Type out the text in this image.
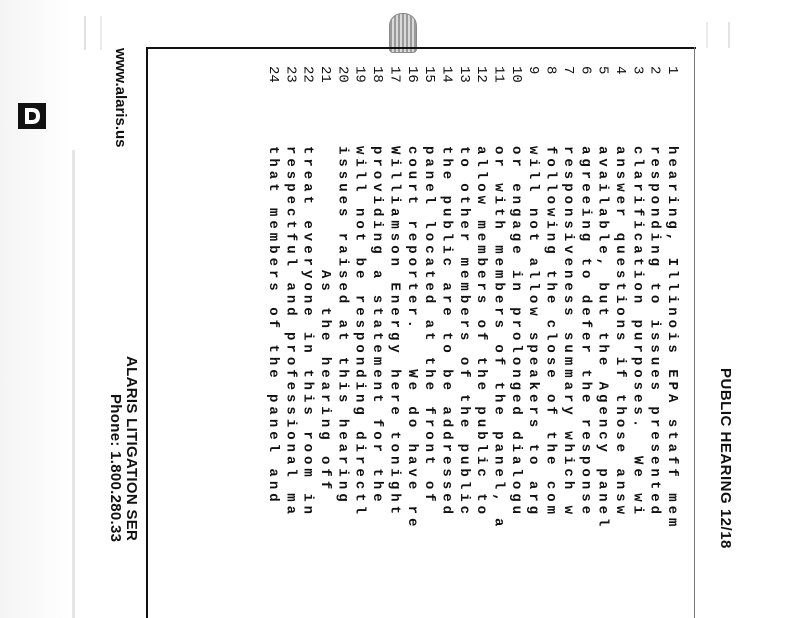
PUBLIC HEARING 12/18
1
hearing, Illinois EPA staff mem
2
responding to issues presented
3
clarification purposes.  We wi
4
answer questions if those answ
5
available, but the Agency panel
6
agreeing to defer the response
7
responsiveness summary which w
8
following the close of the com
9
will not allow speakers to arg
10
or engage in prolonged dialogu
11
or with members of the panel, a
12
allow members of the public to
13
to other members of the public
14
the public are to be addressed
15
panel located at the front of
16
court reporter.   We do have re
17
Williamson Energy here tonight
18
providing a statement for the
19
will not be responding directl
20
issues raised at this hearing
21
As the hearing off
22
treat everyone in this room in
23
respectful and professional ma
24
that members of the panel and
ALARIS LITIGATION SER
Phone: 1.800.280.33
www.alaris.us
